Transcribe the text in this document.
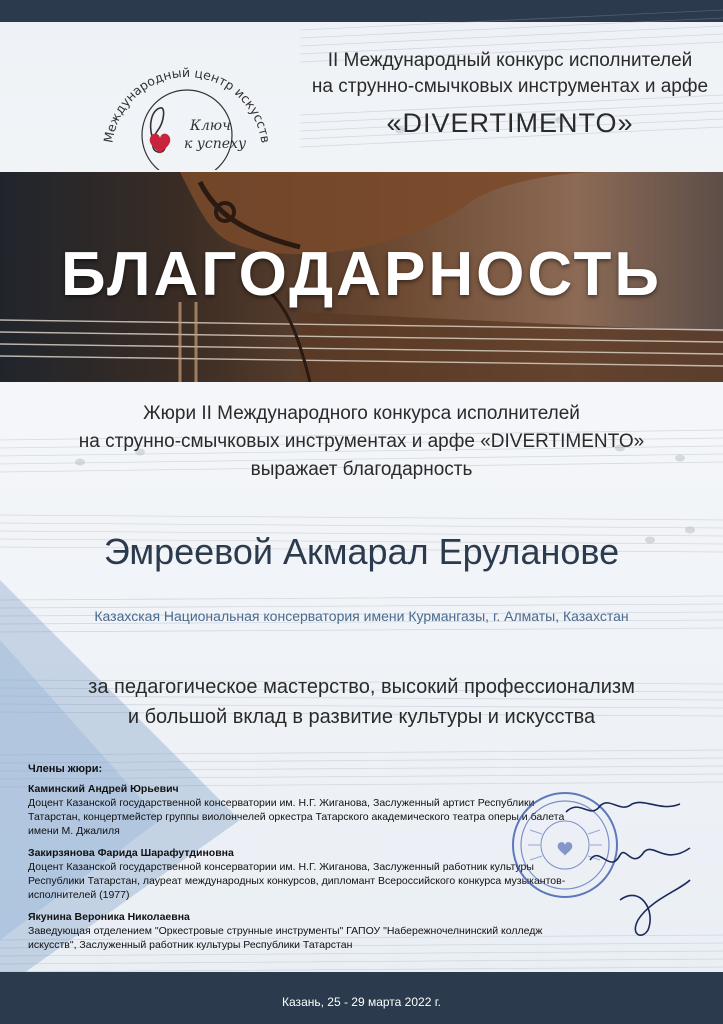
Международный центр искусств
Ключ
к успеху
II Международный конкурс исполнителей
на струнно-смычковых инструментах и арфе
«DIVERTIMENTO»
БЛАГОДАРНОСТЬ
Жюри II Международного конкурса исполнителей
на струнно-смычковых инструментах и арфе «DIVERTIMENTO»
выражает благодарность
Эмреевой Акмарал Еруланове
Казахская Национальная консерватория имени Курмангазы, г. Алматы, Казахстан
за педагогическое мастерство, высокий профессионализм
и большой вклад в развитие культуры и искусства
Члены жюри:
Каминский Андрей Юрьевич
Доцент Казанской государственной консерватории им. Н.Г. Жиганова, Заслуженный артист Республики Татарстан, концертмейстер группы виолончелей оркестра Татарского академического театра оперы и балета имени М. Джалиля
Закирзянова Фарида Шарафутдиновна
Доцент Казанской государственной консерватории им. Н.Г. Жиганова, Заслуженный работник культуры Республики Татарстан, лауреат международных конкурсов, дипломант Всероссийского конкурса музыкантов-исполнителей (1977)
Якунина Вероника Николаевна
Заведующая отделением "Оркестровые струнные инструменты" ГАПОУ "Набережночелнинский колледж искусств", Заслуженный работник культуры Республики Татарстан
Казань, 25 - 29 марта 2022 г.
